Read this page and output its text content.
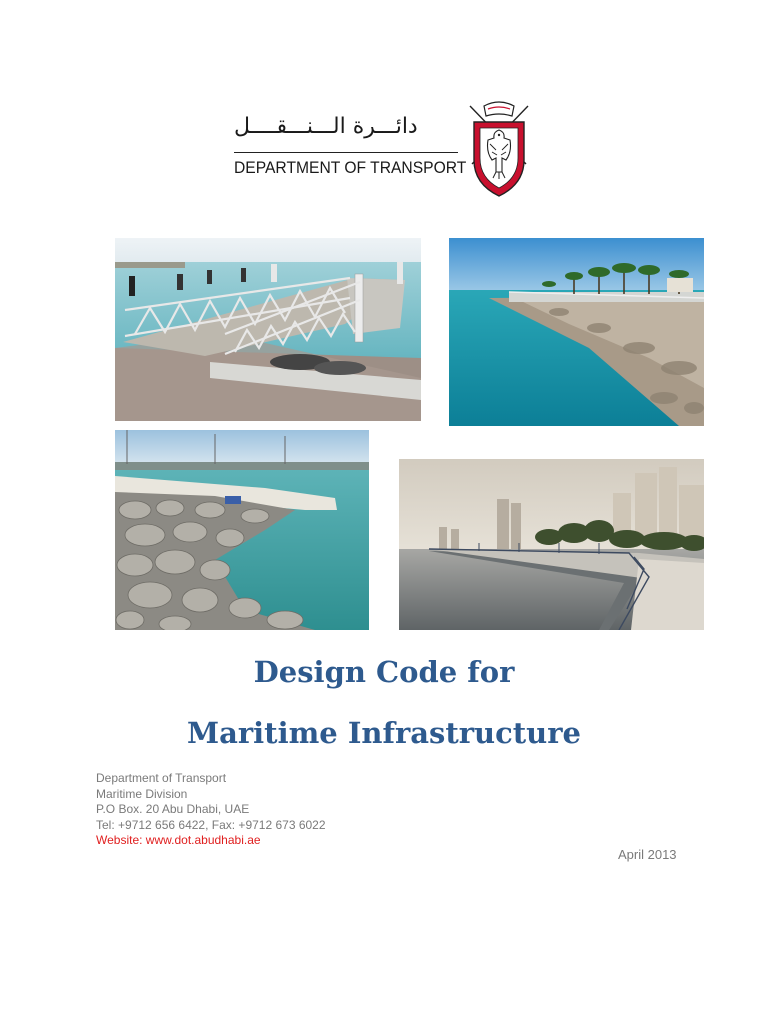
دائـــرة الـــنـــقــــل
DEPARTMENT OF TRANSPORT
Design Code for
Maritime Infrastructure
Department of Transport
Maritime Division
P.O Box. 20 Abu Dhabi, UAE
Tel: +9712 656 6422, Fax: +9712 673 6022
Website: www.dot.abudhabi.ae
April 2013
